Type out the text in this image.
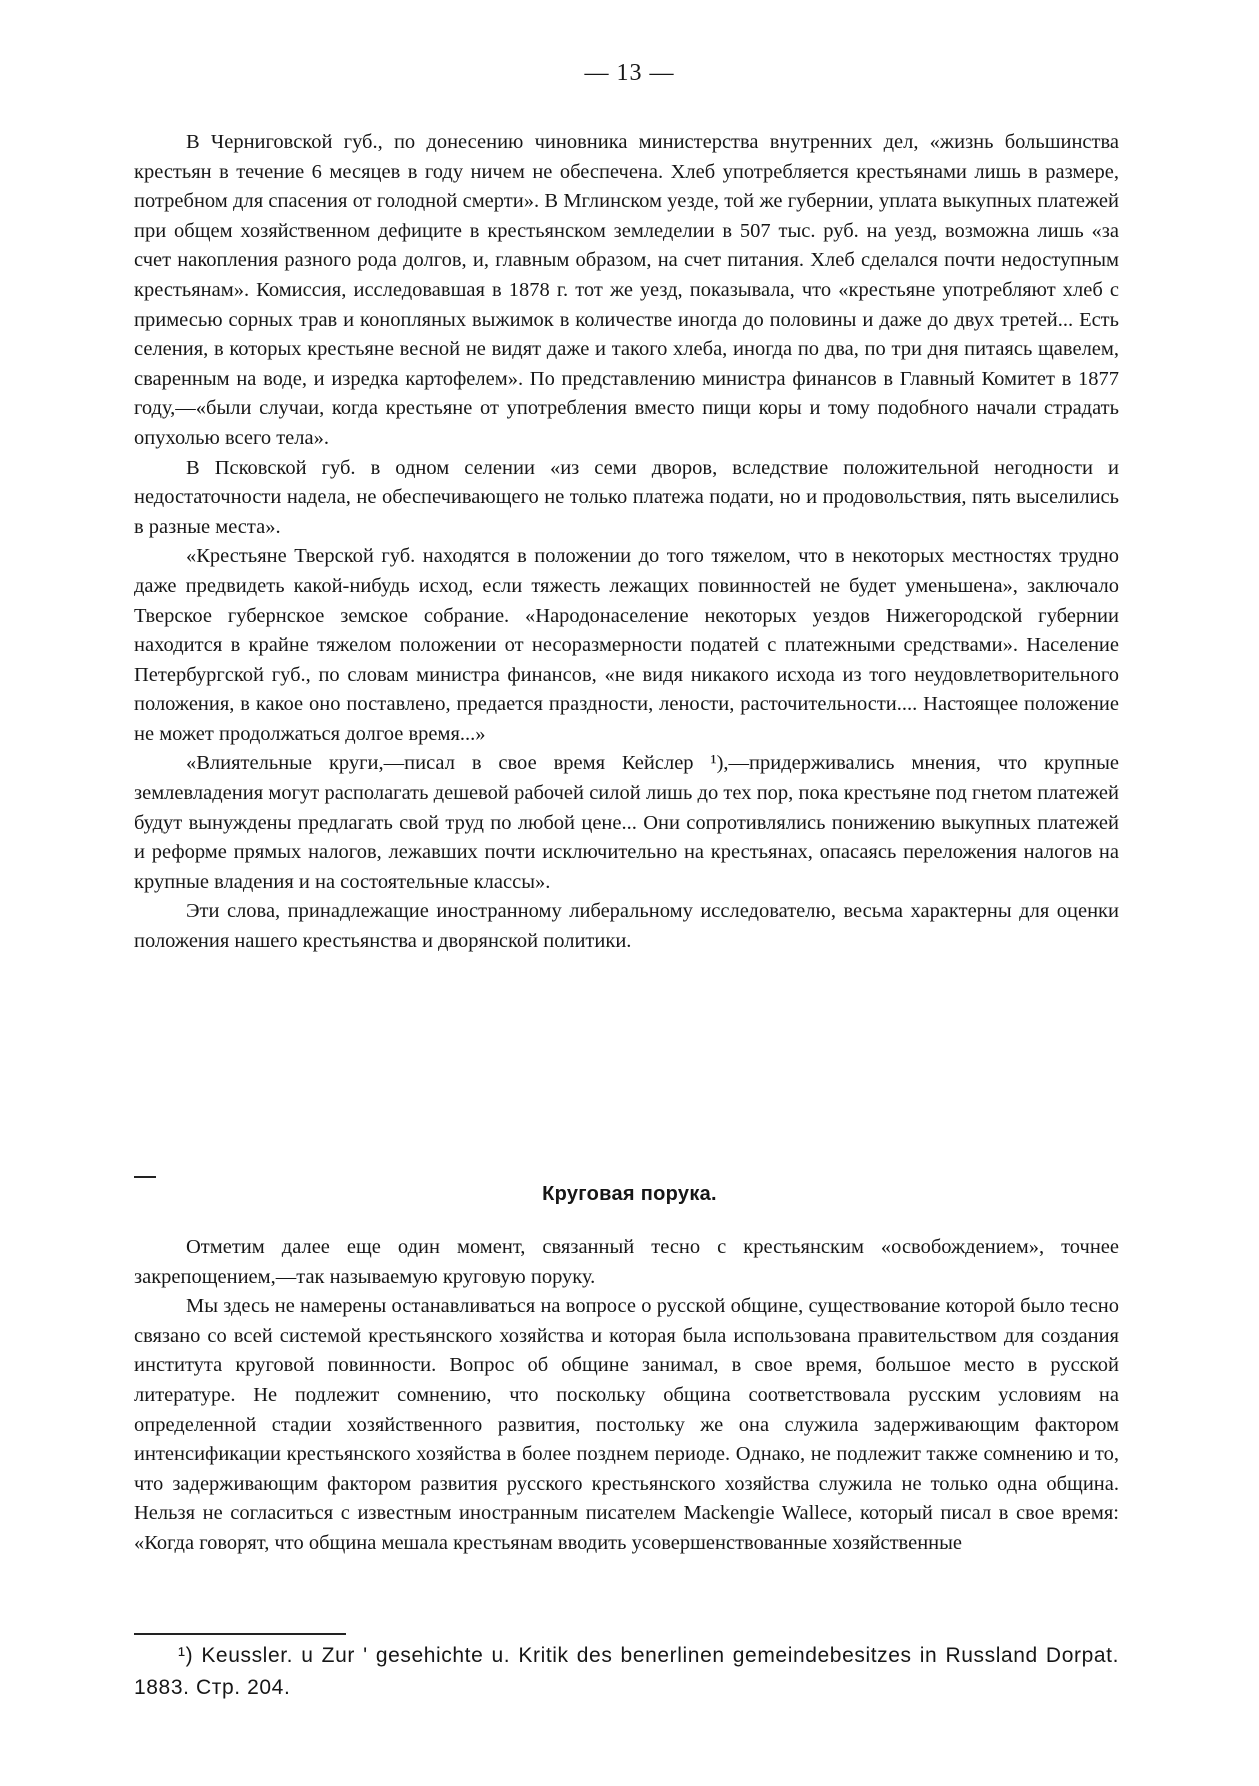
— 13 —

В Черниговской губ., по донесению чиновника министерства внутренних дел, «жизнь большинства крестьян в течение 6 месяцев в году ничем не обеспечена. Хлеб употребляется крестьянами лишь в размере, потребном для спасения от голодной смерти». В Мглинском уезде, той же губернии, уплата выкупных платежей при общем хозяйственном дефиците в крестьянском земледелии в 507 тыс. руб. на уезд, возможна лишь «за счет накопления разного рода долгов, и, главным образом, на счет питания. Хлеб сделался почти недоступным крестьянам». Комиссия, исследовавшая в 1878 г. тот же уезд, показывала, что «крестьяне употребляют хлеб с примесью сорных трав и конопляных выжимок в количестве иногда до половины и даже до двух третей... Есть селения, в которых крестьяне весной не видят даже и такого хлеба, иногда по два, по три дня питаясь щавелем, сваренным на воде, и изредка картофелем». По представлению министра финансов в Главный Комитет в 1877 году,—«были случаи, когда крестьяне от употребления вместо пищи коры и тому подобного начали страдать опухолью всего тела».

В Псковской губ. в одном селении «из семи дворов, вследствие положительной негодности и недостаточности надела, не обеспечивающего не только платежа подати, но и продовольствия, пять выселились в разные места».

«Крестьяне Тверской губ. находятся в положении до того тяжелом, что в некоторых местностях трудно даже предвидеть какой-нибудь исход, если тяжесть лежащих повинностей не будет уменьшена», заключало Тверское губернское земское собрание. «Народонаселение некоторых уездов Нижегородской губернии находится в крайне тяжелом положении от несоразмерности податей с платежными средствами». Население Петербургской губ., по словам министра финансов, «не видя никакого исхода из того неудовлетворительного положения, в какое оно поставлено, предается праздности, лености, расточительности.... Настоящее положение не может продолжаться долгое время...»

«Влиятельные круги,—писал в свое время Кейслер ¹),—придерживались мнения, что крупные землевладения могут располагать дешевой рабочей силой лишь до тех пор, пока крестьяне под гнетом платежей будут вынуждены предлагать свой труд по любой цене... Они сопротивлялись понижению выкупных платежей и реформе прямых налогов, лежавших почти исключительно на крестьянах, опасаясь переложения налогов на крупные владения и на состоятельные классы».

Эти слова, принадлежащие иностранному либеральному исследователю, весьма характерны для оценки положения нашего крестьянства и дворянской политики.

Круговая порука.

Отметим далее еще один момент, связанный тесно с крестьянским «освобождением», точнее закрепощением,—так называемую круговую поруку.

Мы здесь не намерены останавливаться на вопросе о русской общине, существование которой было тесно связано со всей системой крестьянского хозяйства и которая была использована правительством для создания института круговой повинности. Вопрос об общине занимал, в свое время, большое место в русской литературе. Не подлежит сомнению, что поскольку община соответствовала русским условиям на определенной стадии хозяйственного развития, постольку же она служила задерживающим фактором интенсификации крестьянского хозяйства в более позднем периоде. Однако, не подлежит также сомнению и то, что задерживающим фактором развития русского крестьянского хозяйства служила не только одна община. Нельзя не согласиться с известным иностранным писателем Mackengie Wallece, который писал в свое время: «Когда говорят, что община мешала крестьянам вводить усовершенствованные хозяйственные

¹) Keussler. u Zur ' gesehichte u. Kritik des benerlinen gemeindebesitzes in Russland Dorpat. 1883. Стр. 204.
